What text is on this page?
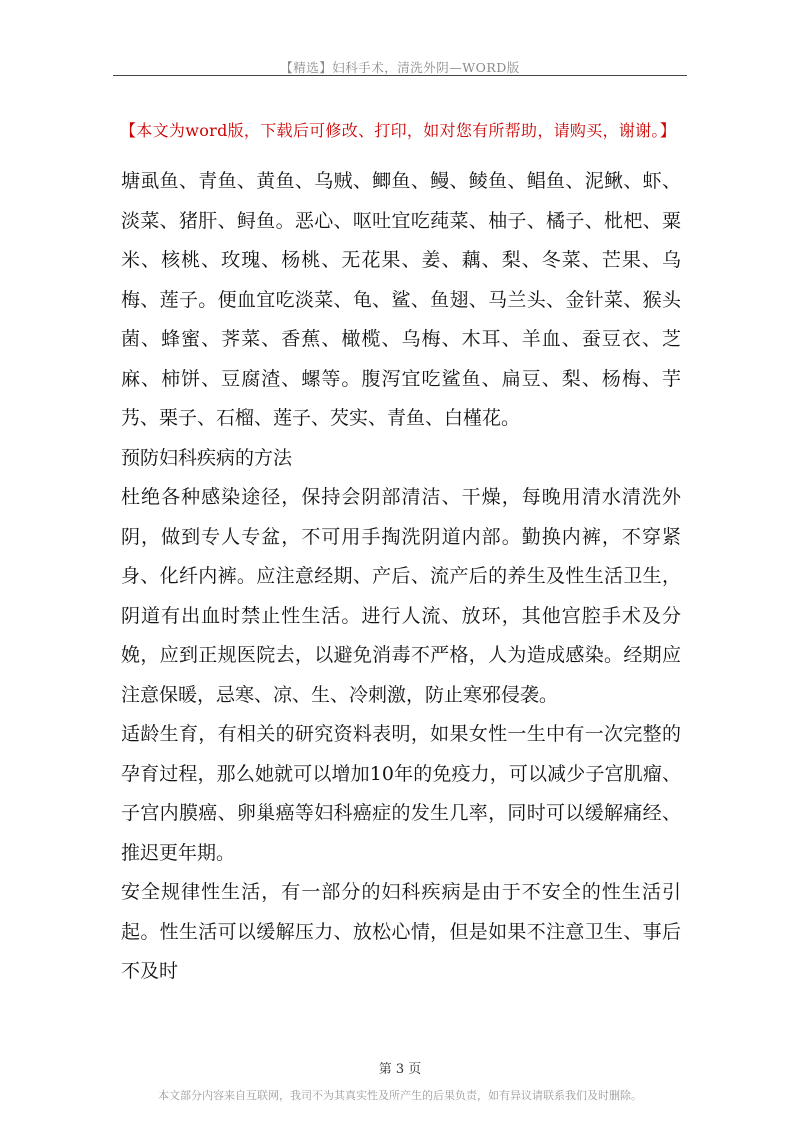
【精选】妇科手术，清洗外阴—WORD版
【本文为word版，下载后可修改、打印，如对您有所帮助，请购买，谢谢。】

塘虱鱼、青鱼、黄鱼、乌贼、鲫鱼、鳗、鲮鱼、鲳鱼、泥鳅、虾、淡菜、猪肝、鲟鱼。恶心、呕吐宜吃莼菜、柚子、橘子、枇杷、粟米、核桃、玫瑰、杨桃、无花果、姜、藕、梨、冬菜、芒果、乌梅、莲子。便血宜吃淡菜、龟、鲨、鱼翅、马兰头、金针菜、猴头菌、蜂蜜、荠菜、香蕉、橄榄、乌梅、木耳、羊血、蚕豆衣、芝麻、柿饼、豆腐渣、螺等。腹泻宜吃鲨鱼、扁豆、梨、杨梅、芋艿、栗子、石榴、莲子、芡实、青鱼、白槿花。

预防妇科疾病的方法

杜绝各种感染途径，保持会阴部清洁、干燥，每晚用清水清洗外阴，做到专人专盆，不可用手掏洗阴道内部。勤换内裤，不穿紧身、化纤内裤。应注意经期、产后、流产后的养生及性生活卫生，阴道有出血时禁止性生活。进行人流、放环，其他宫腔手术及分娩，应到正规医院去，以避免消毒不严格，人为造成感染。经期应注意保暖，忌寒、凉、生、冷刺激，防止寒邪侵袭。

适龄生育，有相关的研究资料表明，如果女性一生中有一次完整的孕育过程，那么她就可以增加10年的免疫力，可以减少子宫肌瘤、子宫内膜癌、卵巢癌等妇科癌症的发生几率，同时可以缓解痛经、推迟更年期。

安全规律性生活，有一部分的妇科疾病是由于不安全的性生活引起。性生活可以缓解压力、放松心情，但是如果不注意卫生、事后不及时

第 3 页
本文部分内容来自互联网，我司不为其真实性及所产生的后果负责，如有异议请联系我们及时删除。
